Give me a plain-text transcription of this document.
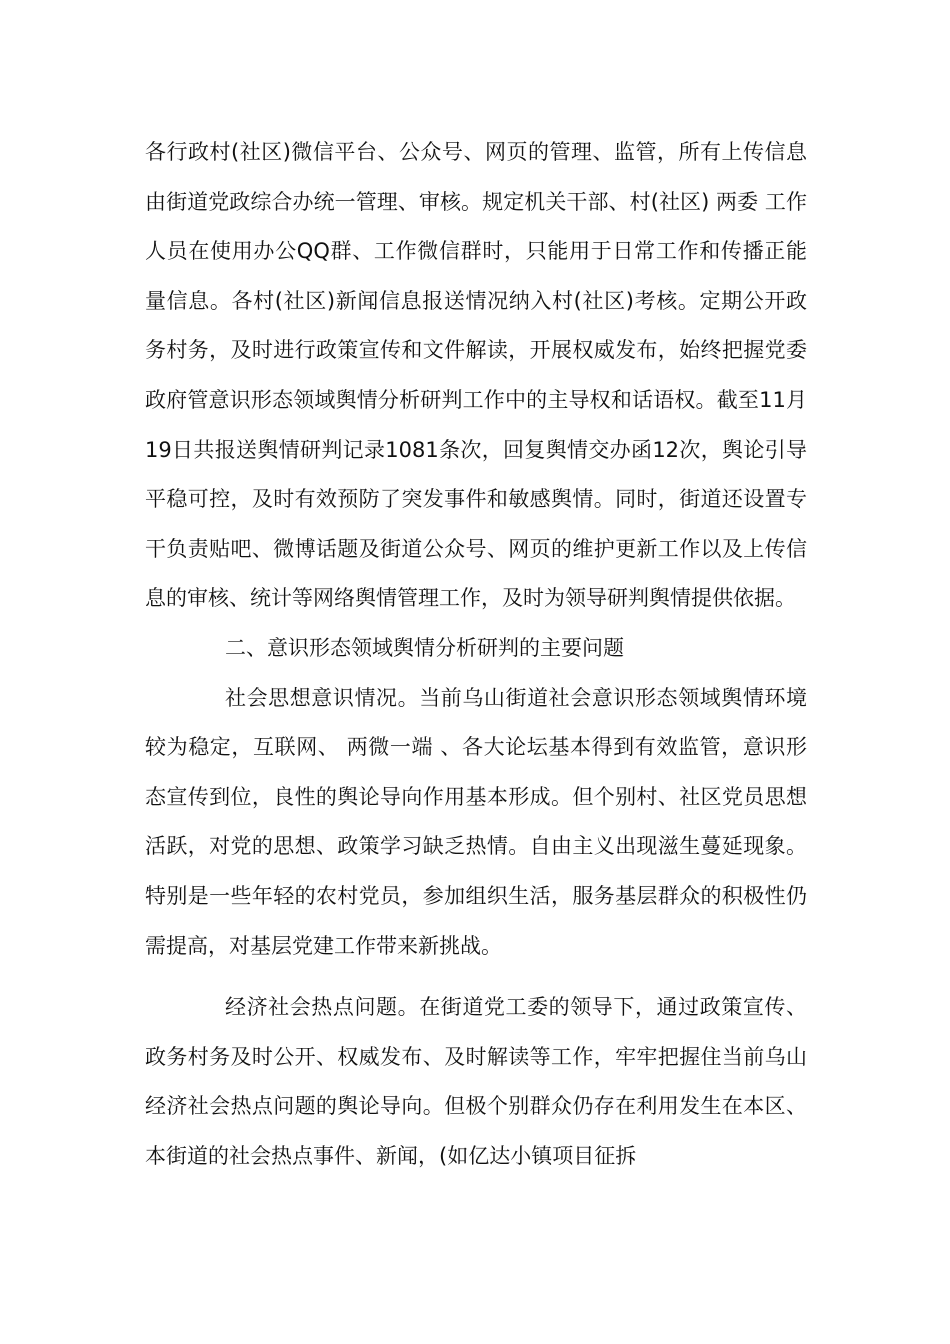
各行政村(社区)微信平台、公众号、网页的管理、监管，所有上传信息由街道党政综合办统一管理、审核。规定机关干部、村(社区) 两委 工作人员在使用办公QQ群、工作微信群时，只能用于日常工作和传播正能量信息。各村(社区)新闻信息报送情况纳入村(社区)考核。定期公开政务村务，及时进行政策宣传和文件解读，开展权威发布，始终把握党委政府管意识形态领域舆情分析研判工作中的主导权和话语权。截至11月19日共报送舆情研判记录1081条次，回复舆情交办函12次，舆论引导平稳可控，及时有效预防了突发事件和敏感舆情。同时，街道还设置专干负责贴吧、微博话题及街道公众号、网页的维护更新工作以及上传信息的审核、统计等网络舆情管理工作，及时为领导研判舆情提供依据。

二、意识形态领域舆情分析研判的主要问题

社会思想意识情况。当前乌山街道社会意识形态领域舆情环境较为稳定，互联网、 两微一端 、各大论坛基本得到有效监管，意识形态宣传到位，良性的舆论导向作用基本形成。但个别村、社区党员思想活跃，对党的思想、政策学习缺乏热情。自由主义出现滋生蔓延现象。特别是一些年轻的农村党员，参加组织生活，服务基层群众的积极性仍需提高，对基层党建工作带来新挑战。

经济社会热点问题。在街道党工委的领导下，通过政策宣传、政务村务及时公开、权威发布、及时解读等工作，牢牢把握住当前乌山经济社会热点问题的舆论导向。但极个别群众仍存在利用发生在本区、本街道的社会热点事件、新闻，(如亿达小镇项目征拆
